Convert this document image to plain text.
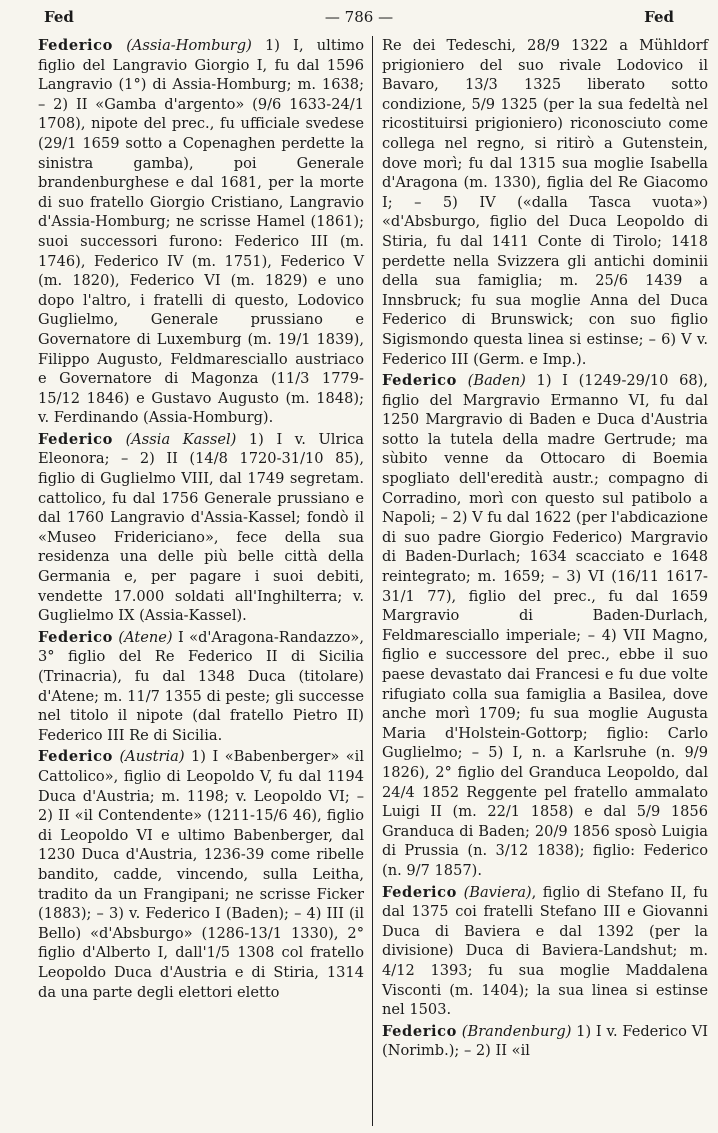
Fed	— 786 —	Fed

Federico (Assia-Homburg) 1) I, ultimo figlio del Langravio Giorgio I, fu dal 1596 Langravio (1°) di Assia-Homburg; m. 1638; – 2) II «Gamba d'argento» (9/6 1633-24/1 1708), nipote del prec., fu ufficiale svedese (29/1 1659 sotto a Copenaghen perdette la sinistra gamba), poi Generale brandenburghese e dal 1681, per la morte di suo fratello Giorgio Cristiano, Langravio d'Assia-Homburg; ne scrisse Hamel (1861); suoi successori furono: Federico III (m. 1746), Federico IV (m. 1751), Federico V (m. 1820), Federico VI (m. 1829) e uno dopo l'altro, i fratelli di questo, Lodovico Guglielmo, Generale prussiano e Governatore di Luxemburg (m. 19/1 1839), Filippo Augusto, Feldmaresciallo austriaco e Governatore di Magonza (11/3 1779-15/12 1846) e Gustavo Augusto (m. 1848); v. Ferdinando (Assia-Homburg).

Federico (Assia Kassel) 1) I v. Ulrica Eleonora; – 2) II (14/8 1720-31/10 85), figlio di Guglielmo VIII, dal 1749 segretam. cattolico, fu dal 1756 Generale prussiano e dal 1760 Langravio d'Assia-Kassel; fondò il «Museo Fridericiano», fece della sua residenza una delle più belle città della Germania e, per pagare i suoi debiti, vendette 17.000 soldati all'Inghilterra; v. Guglielmo IX (Assia-Kassel).

Federico (Atene) I «d'Aragona-Randazzo», 3° figlio del Re Federico II di Sicilia (Trinacria), fu dal 1348 Duca (titolare) d'Atene; m. 11/7 1355 di peste; gli successe nel titolo il nipote (dal fratello Pietro II) Federico III Re di Sicilia.

Federico (Austria) 1) I «Babenberger» «il Cattolico», figlio di Leopoldo V, fu dal 1194 Duca d'Austria; m. 1198; v. Leopoldo VI; – 2) II «il Contendente» (1211-15/6 46), figlio di Leopoldo VI e ultimo Babenberger, dal 1230 Duca d'Austria, 1236-39 come ribelle bandito, cadde, vincendo, sulla Leitha, tradito da un Frangipani; ne scrisse Ficker (1883); – 3) v. Federico I (Baden); – 4) III (il Bello) «d'Absburgo» (1286-13/1 1330), 2° figlio d'Alberto I, dall'1/5 1308 col fratello Leopoldo Duca d'Austria e di Stiria, 1314 da una parte degli elettori eletto

Re dei Tedeschi, 28/9 1322 a Mühldorf prigioniero del suo rivale Lodovico il Bavaro, 13/3 1325 liberato sotto condizione, 5/9 1325 (per la sua fedeltà nel ricostituirsi prigioniero) riconosciuto come collega nel regno, si ritirò a Gutenstein, dove morì; fu dal 1315 sua moglie Isabella d'Aragona (m. 1330), figlia del Re Giacomo I; – 5) IV («dalla Tasca vuota») «d'Absburgo, figlio del Duca Leopoldo di Stiria, fu dal 1411 Conte di Tirolo; 1418 perdette nella Svizzera gli antichi dominii della sua famiglia; m. 25/6 1439 a Innsbruck; fu sua moglie Anna del Duca Federico di Brunswick; con suo figlio Sigismondo questa linea si estinse; – 6) V v. Federico III (Germ. e Imp.).

Federico (Baden) 1) I (1249-29/10 68), figlio del Margravio Ermanno VI, fu dal 1250 Margravio di Baden e Duca d'Austria sotto la tutela della madre Gertrude; ma sùbito venne da Ottocaro di Boemia spogliato dell'eredità austr.; compagno di Corradino, morì con questo sul patibolo a Napoli; – 2) V fu dal 1622 (per l'abdicazione di suo padre Giorgio Federico) Margravio di Baden-Durlach; 1634 scacciato e 1648 reintegrato; m. 1659; – 3) VI (16/11 1617-31/1 77), figlio del prec., fu dal 1659 Margravio di Baden-Durlach, Feldmaresciallo imperiale; – 4) VII Magno, figlio e successore del prec., ebbe il suo paese devastato dai Francesi e fu due volte rifugiato colla sua famiglia a Basilea, dove anche morì 1709; fu sua moglie Augusta Maria d'Holstein-Gottorp; figlio: Carlo Guglielmo; – 5) I, n. a Karlsruhe (n. 9/9 1826), 2° figlio del Granduca Leopoldo, dal 24/4 1852 Reggente pel fratello ammalato Luigi II (m. 22/1 1858) e dal 5/9 1856 Granduca di Baden; 20/9 1856 sposò Luigia di Prussia (n. 3/12 1838); figlio: Federico (n. 9/7 1857).

Federico (Baviera), figlio di Stefano II, fu dal 1375 coi fratelli Stefano III e Giovanni Duca di Baviera e dal 1392 (per la divisione) Duca di Baviera-Landshut; m. 4/12 1393; fu sua moglie Maddalena Visconti (m. 1404); la sua linea si estinse nel 1503.

Federico (Brandenburg) 1) I v. Federico VI (Norimb.); – 2) II «il
